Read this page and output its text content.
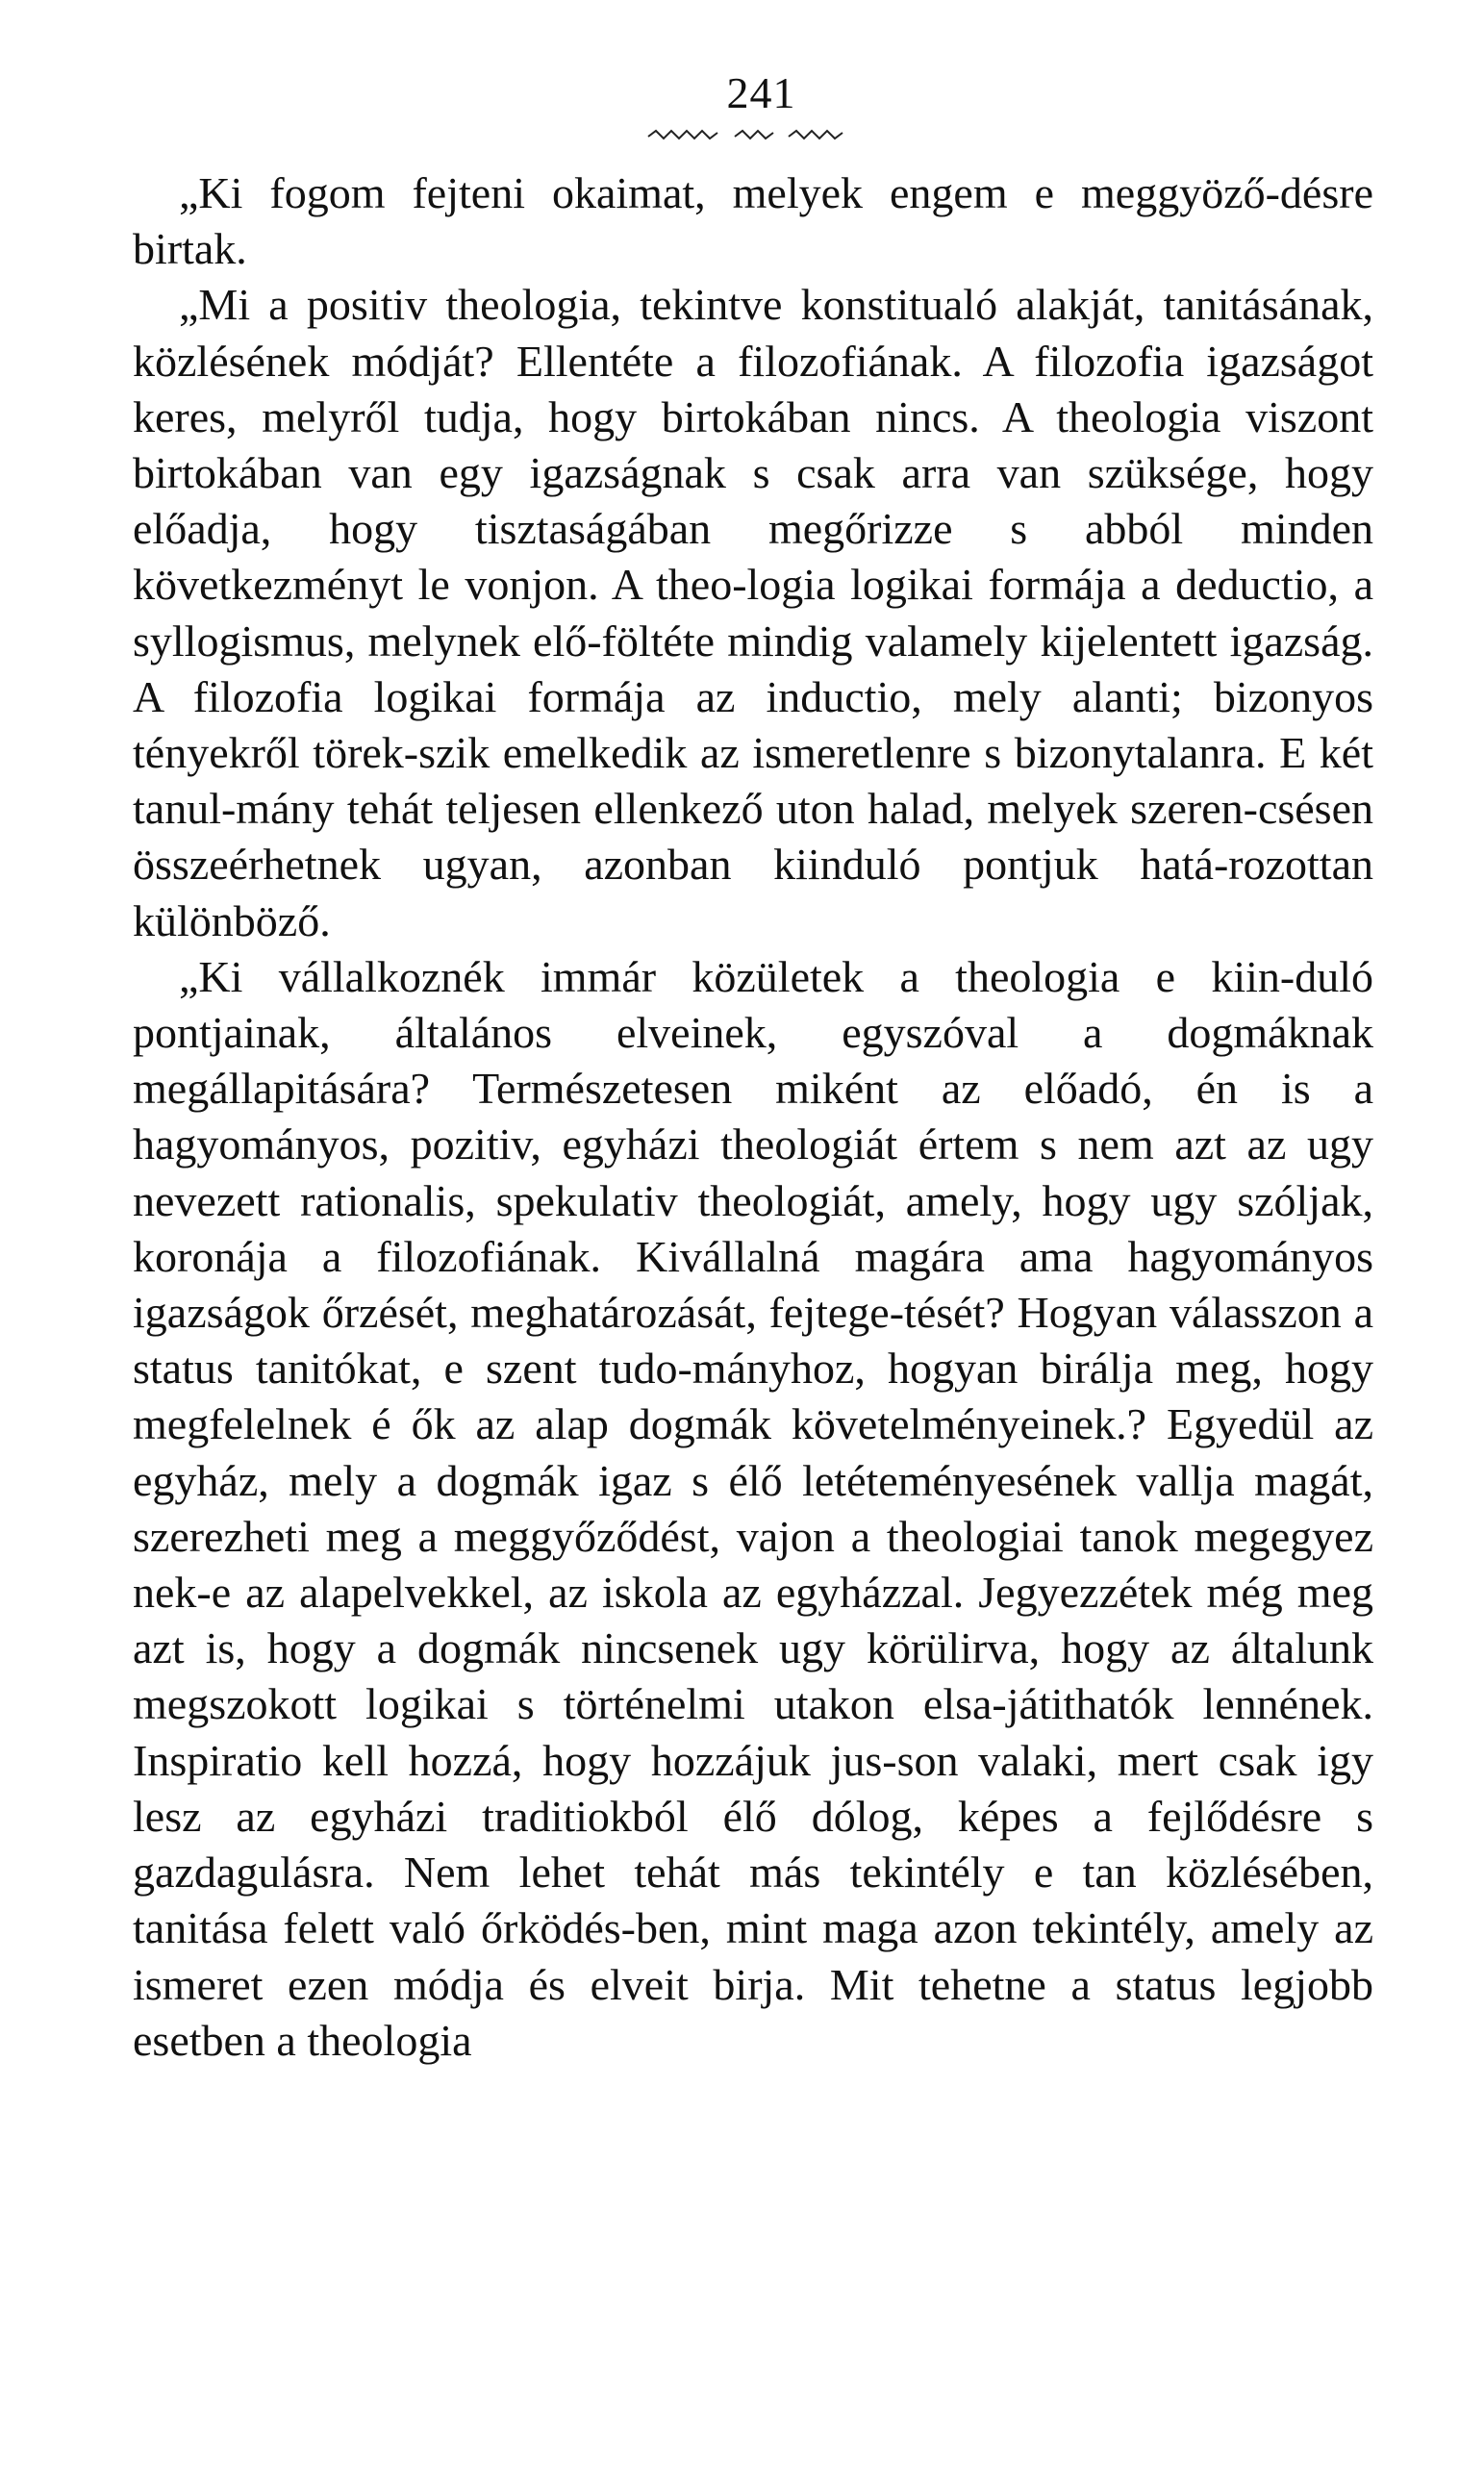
241

„Ki fogom fejteni okaimat, melyek engem e meggyöző-désre birtak.

„Mi a positiv theologia, tekintve konstitualó alakját, tanitásának, közlésének módját? Ellentéte a filozofiának. A filozofia igazságot keres, melyről tudja, hogy birtokában nincs. A theologia viszont birtokában van egy igazságnak s csak arra van szüksége, hogy előadja, hogy tisztaságában megőrizze s abból minden következményt le vonjon. A theo-logia logikai formája a deductio, a syllogismus, melynek elő-föltéte mindig valamely kijelentett igazság. A filozofia logikai formája az inductio, mely alanti; bizonyos tényekről törek-szik emelkedik az ismeretlenre s bizonytalanra. E két tanul-mány tehát teljesen ellenkező uton halad, melyek szeren-csésen összeérhetnek ugyan, azonban kiinduló pontjuk hatá-rozottan különböző.

„Ki vállalkoznék immár közületek a theologia e kiin-duló pontjainak, általános elveinek, egyszóval a dogmáknak megállapitására? Természetesen miként az előadó, én is a hagyományos, pozitiv, egyházi theologiát értem s nem azt az ugy nevezett rationalis, spekulativ theologiát, amely, hogy ugy szóljak, koronája a filozofiának. Kivállalná magára ama hagyományos igazságok őrzését, meghatározását, fejtege-tését? Hogyan válasszon a status tanitókat, e szent tudo-mányhoz, hogyan birálja meg, hogy megfelelnek é ők az alap dogmák követelményeinek.? Egyedül az egyház, mely a dogmák igaz s élő letéteményesének vallja magát, szerezheti meg a meggyőződést, vajon a theologiai tanok megegyez nek-e az alapelvekkel, az iskola az egyházzal. Jegyezzétek még meg azt is, hogy a dogmák nincsenek ugy körülirva, hogy az általunk megszokott logikai s történelmi utakon elsa-játithatók lennének. Inspiratio kell hozzá, hogy hozzájuk jus-son valaki, mert csak igy lesz az egyházi traditiokból élő dólog, képes a fejlődésre s gazdagulásra. Nem lehet tehát más tekintély e tan közlésében, tanitása felett való őrködés-ben, mint maga azon tekintély, amely az ismeret ezen módja és elveit birja. Mit tehetne a status legjobb esetben a theologia
